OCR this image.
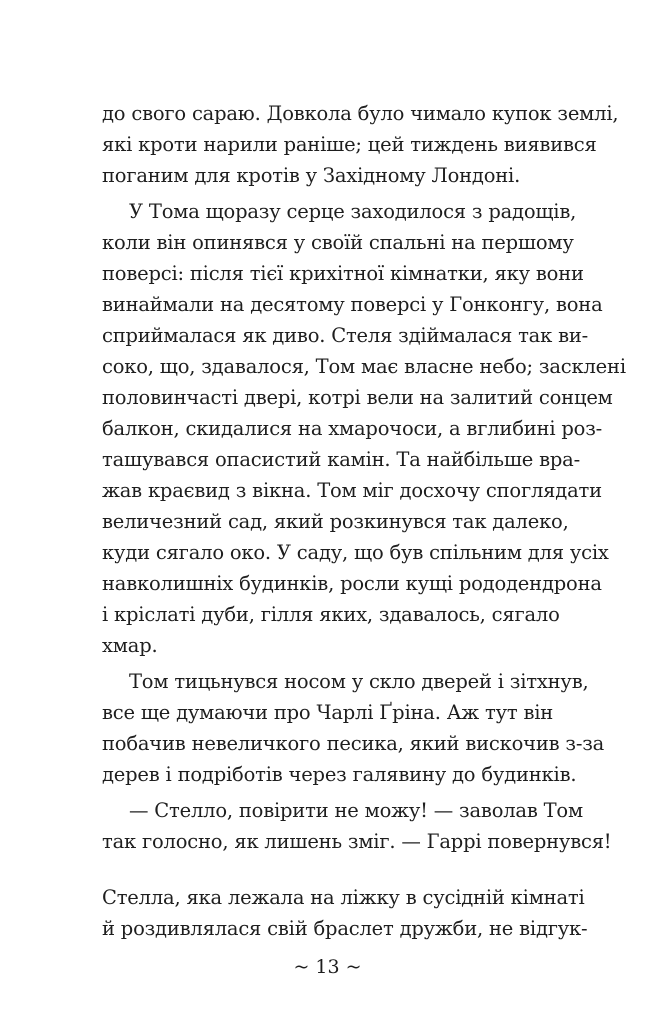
до свого сараю. Довкола було чимало купок землі,
які кроти нарили раніше; цей тиждень виявився
поганим для кротів у Західному Лондоні.
У Тома щоразу серце заходилося з радощів,
коли він опинявся у своїй спальні на першому
поверсі: після тієї крихітної кімнатки, яку вони
винаймали на десятому поверсі у Гонконгу, вона
сприймалася як диво. Стеля здіймалася так ви-
соко, що, здавалося, Том має власне небо; засклені
половинчасті двері, котрі вели на залитий сонцем
балкон, скидалися на хмарочоси, а вглибині роз-
ташувався опасистий камін. Та найбільше вра-
жав краєвид з вікна. Том міг досхочу споглядати
величезний сад, який розкинувся так далеко,
куди сягало око. У саду, що був спільним для усіх
навколишніх будинків, росли кущі рододендрона
і кріслаті дуби, гілля яких, здавалось, сягало
хмар.
Том тицьнувся носом у скло дверей і зітхнув,
все ще думаючи про Чарлі Ґріна. Аж тут він
побачив невеличкого песика, який вискочив з-за
дерев і подріботів через галявину до будинків.
— Стелло, повірити не можу! — заволав Том
так голосно, як лишень зміг. — Гаррі повернувся!
Стелла, яка лежала на ліжку в сусідній кімнаті
й роздивлялася свій браслет дружби, не відгук-
~ 13 ~
